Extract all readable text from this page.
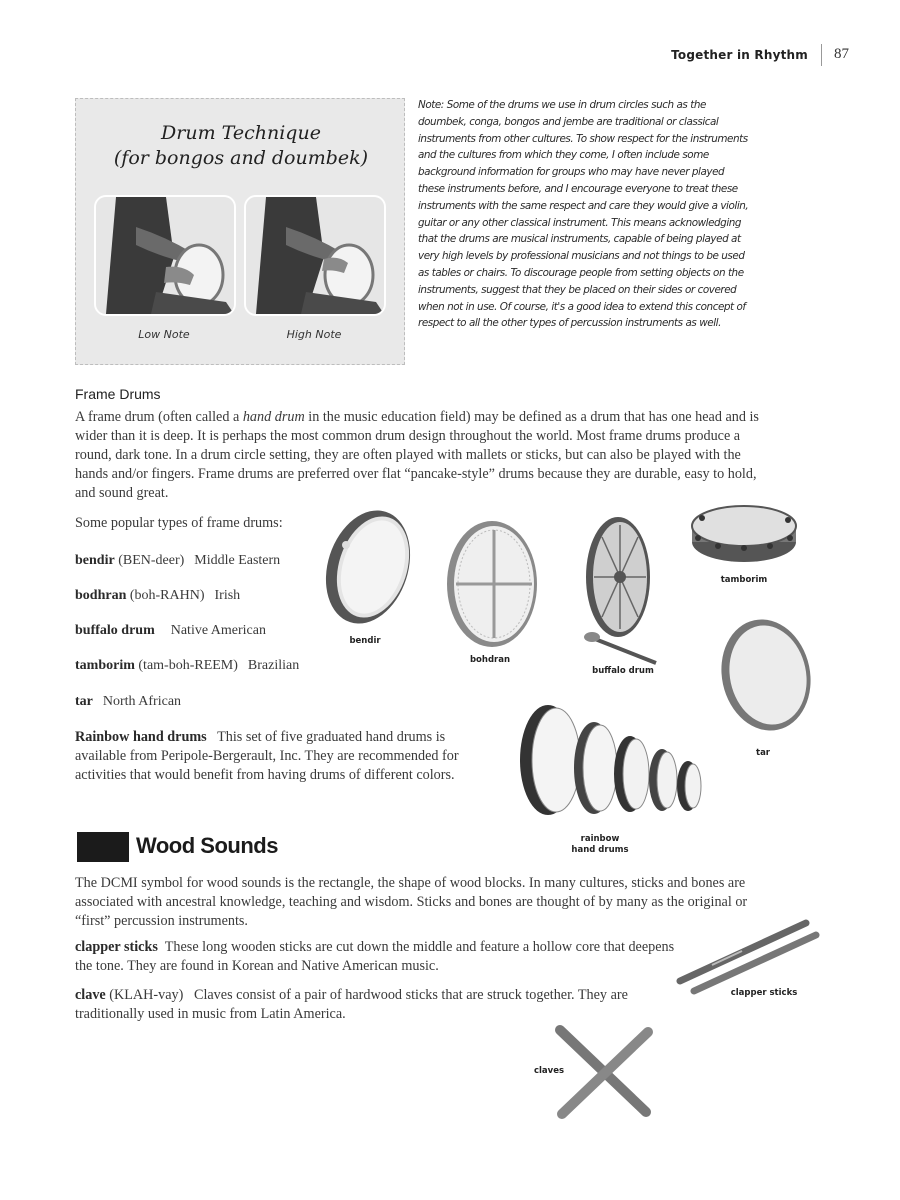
Together in Rhythm 87
Drum Technique
(for bongos and doumbek)
Low Note	High Note
Note: Some of the drums we use in drum circles such as the doumbek, conga, bongos and jembe are traditional or classical instruments from other cultures. To show respect for the instruments and the cultures from which they come, I often include some background information for groups who may have never played these instruments before, and I encourage everyone to treat these instruments with the same respect and care they would give a violin, guitar or any other classical instrument. This means acknowledging that the drums are musical instruments, capable of being played at very high levels by professional musicians and not things to be used as tables or chairs. To discourage people from setting objects on the instruments, suggest that they be placed on their sides or covered when not in use. Of course, it's a good idea to extend this concept of respect to all the other types of percussion instruments as well.
Frame Drums
A frame drum (often called a hand drum in the music education field) may be defined as a drum that has one head and is wider than it is deep. It is perhaps the most common drum design throughout the world. Most frame drums produce a round, dark tone. In a drum circle setting, they are often played with mallets or sticks, but can also be played with the hands and/or fingers. Frame drums are preferred over flat “pancake-style” drums because they are durable, easy to hold, and sound great.
Some popular types of frame drums:
bendir (BEN-deer) Middle Eastern
bodhran (boh-RAHN) Irish
buffalo drum Native American
tamborim (tam-boh-REEM) Brazilian
tar North African
Rainbow hand drums This set of five graduated hand drums is available from Peripole-Bergerault, Inc. They are recommended for activities that would benefit from having drums of different colors.
bendir
bohdran
buffalo drum
tamborim
tar
rainbow
hand drums
Wood Sounds
The DCMI symbol for wood sounds is the rectangle, the shape of wood blocks. In many cultures, sticks and bones are associated with ancestral knowledge, teaching and wisdom. Sticks and bones are thought of by many as the original or “first” percussion instruments.
clapper sticks These long wooden sticks are cut down the middle and feature a hollow core that deepens the tone. They are found in Korean and Native American music.
clave (KLAH-vay) Claves consist of a pair of hardwood sticks that are struck together. They are traditionally used in music from Latin America.
clapper sticks
claves
